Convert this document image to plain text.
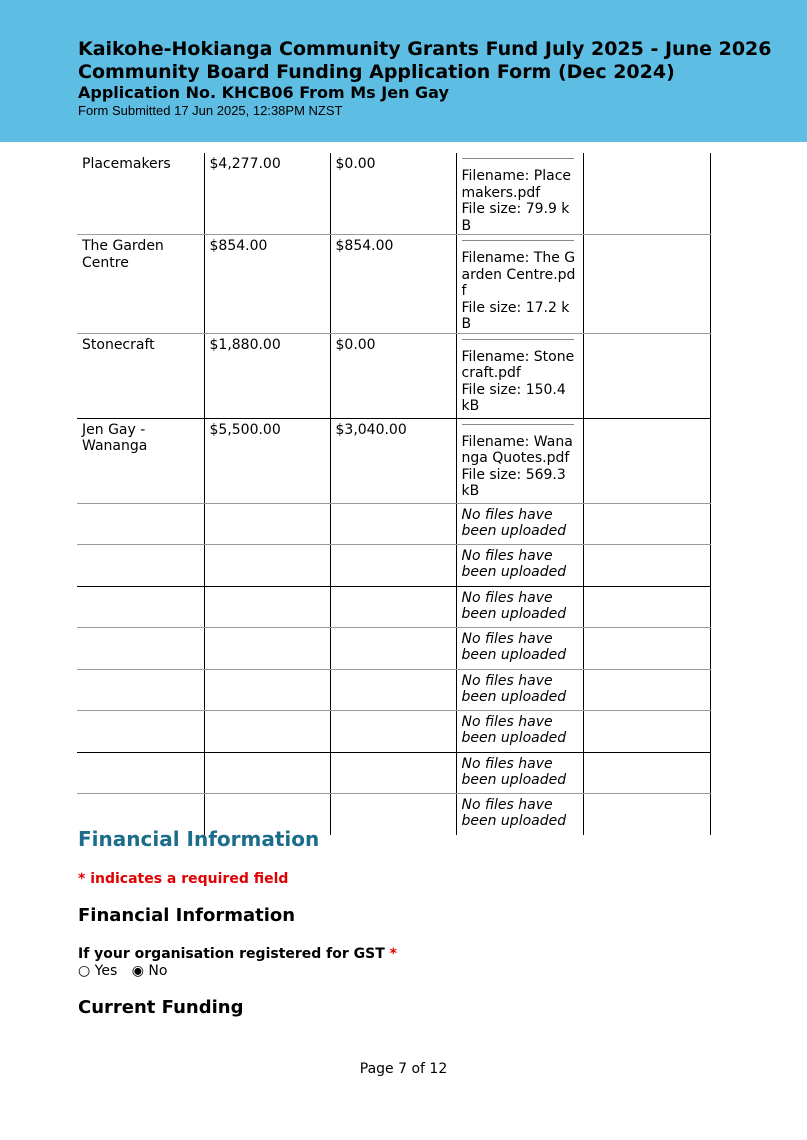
Kaikohe-Hokianga Community Grants Fund July 2025 - June 2026
Community Board Funding Application Form (Dec 2024)
Application No. KHCB06 From Ms Jen Gay
Form Submitted 17 Jun 2025, 12:38PM NZST
Placemakers	$4,277.00	$0.00	Filename: Placemakers.pdf
File size: 79.9 kB	

The Garden Centre	$854.00	$854.00	Filename: The Garden Centre.pdf
File size: 17.2 kB	

Stonecraft	$1,880.00	$0.00	Filename: Stonecraft.pdf
File size: 150.4 kB	

Jen Gay - Wananga	$5,500.00	$3,040.00	Filename: Wananga Quotes.pdf
File size: 569.3 kB	

			No files have been uploaded	
			No files have been uploaded	
			No files have been uploaded	
			No files have been uploaded	
			No files have been uploaded	
			No files have been uploaded	
			No files have been uploaded	
			No files have been uploaded	
Financial Information
* indicates a required field
Financial Information
If your organisation registered for GST *
○ Yes ◉ No
Current Funding
Page 7 of 12
